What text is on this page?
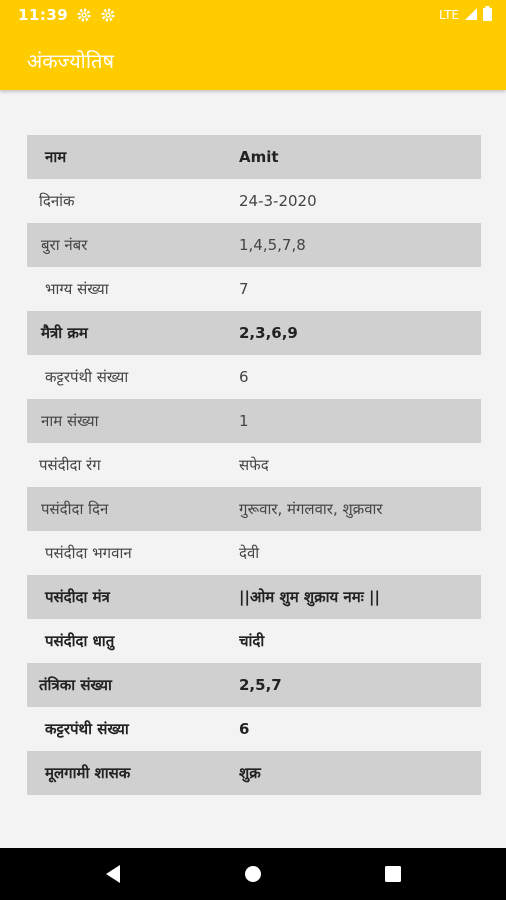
11:39	LTE
अंकज्योतिष
नाम	Amit
दिनांक	24-3-2020
बुरा नंबर	1,4,5,7,8
भाग्य संख्या	7
मैत्री क्रम	2,3,6,9
कट्टरपंथी संख्या	6
नाम संख्या	1
पसंदीदा रंग	सफेद
पसंदीदा दिन	गुरूवार, मंगलवार, शुक्रवार
पसंदीदा भगवान	देवी
पसंदीदा मंत्र	||ओम शुम शुक्राय नमः ||
पसंदीदा धातु	चांदी
तंत्रिका संख्या	2,5,7
कट्टरपंथी संख्या	6
मूलगामी शासक	शुक्र
